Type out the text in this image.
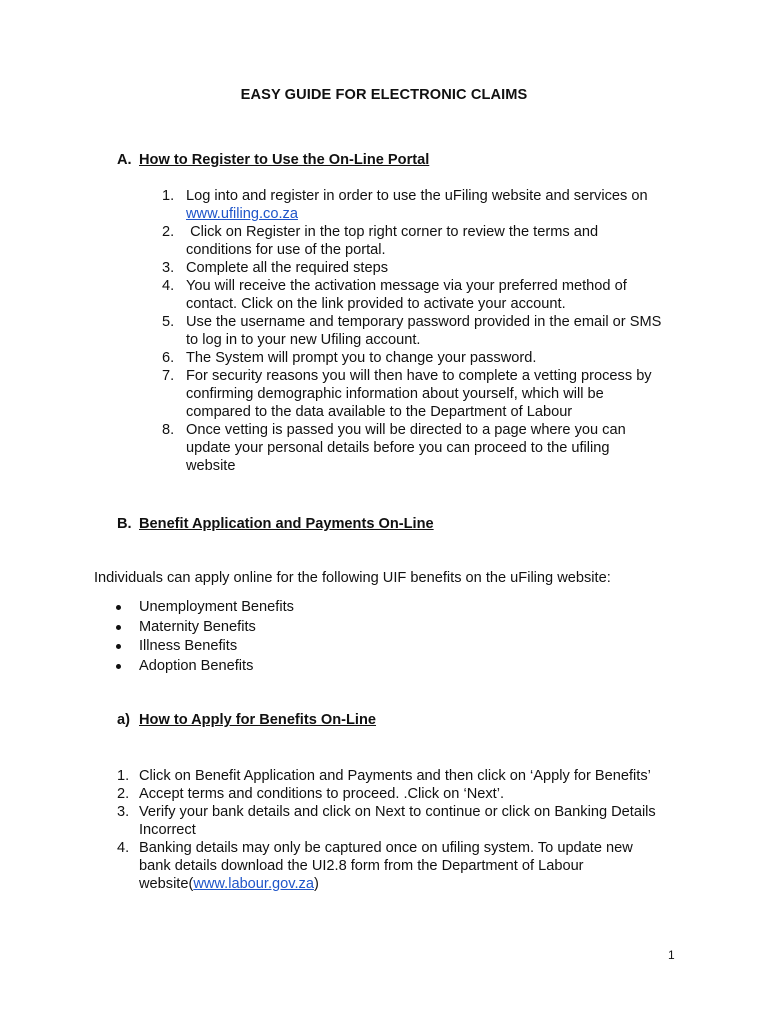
EASY GUIDE FOR ELECTRONIC CLAIMS
A. How to Register to Use the On-Line Portal
1. Log into and register in order to use the uFiling website and services on www.ufiling.co.za
2. Click on Register in the top right corner to review the terms and conditions for use of the portal.
3. Complete all the required steps
4. You will receive the activation message via your preferred method of contact. Click on the link provided to activate your account.
5. Use the username and temporary password provided in the email or SMS to log in to your new Ufiling account.
6. The System will prompt you to change your password.
7. For security reasons you will then have to complete a vetting process by confirming demographic information about yourself, which will be compared to the data available to the Department of Labour
8. Once vetting is passed you will be directed to a page where you can update your personal details before you can proceed to the ufiling website
B. Benefit Application and Payments On-Line
Individuals can apply online for the following UIF benefits on the uFiling website:
Unemployment Benefits
Maternity Benefits
Illness Benefits
Adoption Benefits
a) How to Apply for Benefits On-Line
1. Click on Benefit Application and Payments and then click on ‘Apply for Benefits’
2. Accept terms and conditions to proceed. .Click on ‘Next’.
3. Verify your bank details and click on Next to continue or click on Banking Details Incorrect
4. Banking details may only be captured once on ufiling system. To update new bank details download the UI2.8 form from the Department of Labour website(www.labour.gov.za)
1
